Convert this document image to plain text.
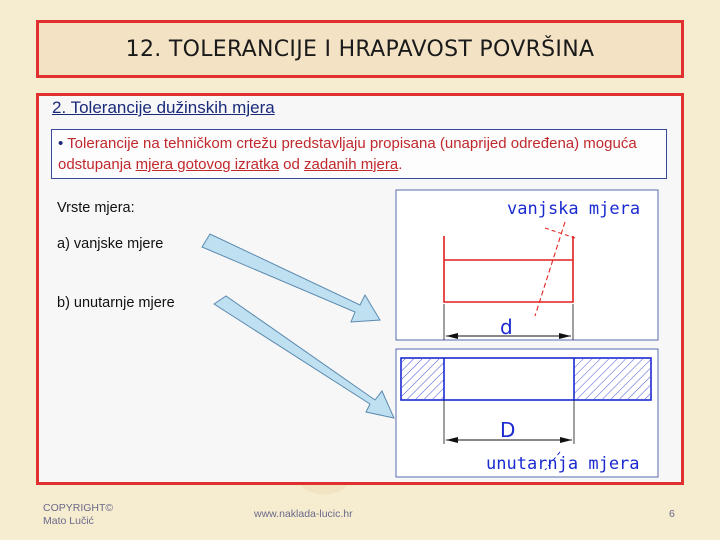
12. TOLERANCIJE I HRAPAVOST POVRŠINA
2. Tolerancije dužinskih mjera
• Tolerancije na tehničkom crtežu predstavljaju propisana (unaprijed određena) moguća odstupanja mjera gotovog izratka od zadanih mjera.
Vrste mjera:
a) vanjske mjere
b) unutarnje mjere
vanjska mjera
d
D
unutarnja mjera
COPYRIGHT©
Mato Lučić
www.naklada-lucic.hr	6
